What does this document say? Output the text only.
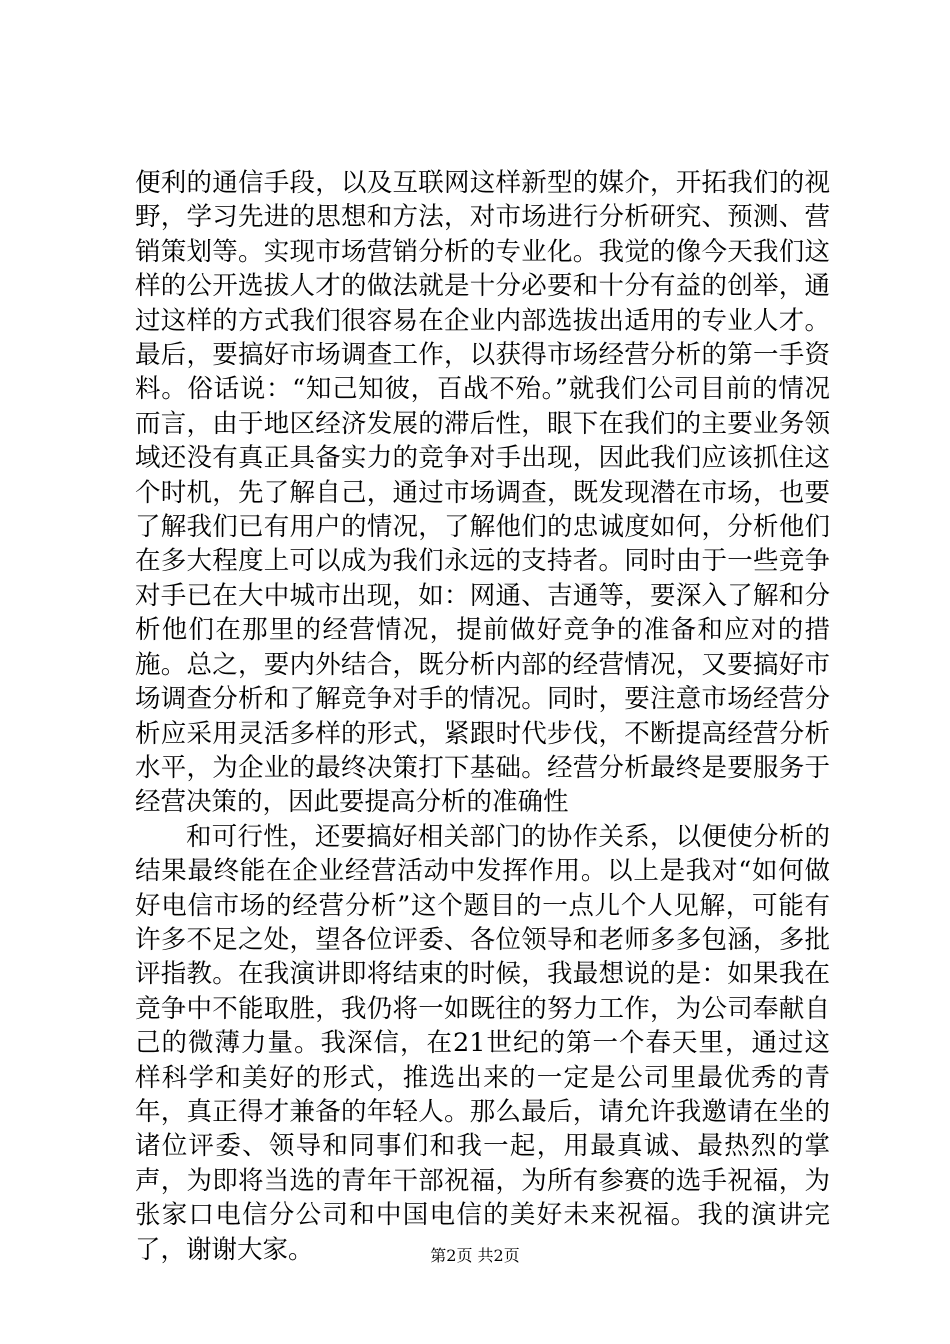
便利的通信手段，以及互联网这样新型的媒介，开拓我们的视野，学习先进的思想和方法，对市场进行分析研究、预测、营销策划等。实现市场营销分析的专业化。我觉的像今天我们这样的公开选拔人才的做法就是十分必要和十分有益的创举，通过这样的方式我们很容易在企业内部选拔出适用的专业人才。最后，要搞好市场调查工作，以获得市场经营分析的第一手资料。俗话说：“知己知彼，百战不殆。”就我们公司目前的情况而言，由于地区经济发展的滞后性，眼下在我们的主要业务领域还没有真正具备实力的竞争对手出现，因此我们应该抓住这个时机，先了解自己，通过市场调查，既发现潜在市场，也要了解我们已有用户的情况，了解他们的忠诚度如何，分析他们在多大程度上可以成为我们永远的支持者。同时由于一些竞争对手已在大中城市出现，如：网通、吉通等，要深入了解和分析他们在那里的经营情况，提前做好竞争的准备和应对的措施。总之，要内外结合，既分析内部的经营情况，又要搞好市场调查分析和了解竞争对手的情况。同时，要注意市场经营分析应采用灵活多样的形式，紧跟时代步伐，不断提高经营分析水平，为企业的最终决策打下基础。经营分析最终是要服务于经营决策的，因此要提高分析的准确性

和可行性，还要搞好相关部门的协作关系，以便使分析的结果最终能在企业经营活动中发挥作用。以上是我对“如何做好电信市场的经营分析”这个题目的一点儿个人见解，可能有许多不足之处，望各位评委、各位领导和老师多多包涵，多批评指教。在我演讲即将结束的时候，我最想说的是：如果我在竞争中不能取胜，我仍将一如既往的努力工作，为公司奉献自己的微薄力量。我深信，在21世纪的第一个春天里，通过这样科学和美好的形式，推选出来的一定是公司里最优秀的青年，真正得才兼备的年轻人。那么最后，请允许我邀请在坐的诸位评委、领导和同事们和我一起，用最真诚、最热烈的掌声，为即将当选的青年干部祝福，为所有参赛的选手祝福，为张家口电信分公司和中国电信的美好未来祝福。我的演讲完了，谢谢大家。	第2页 共2页
